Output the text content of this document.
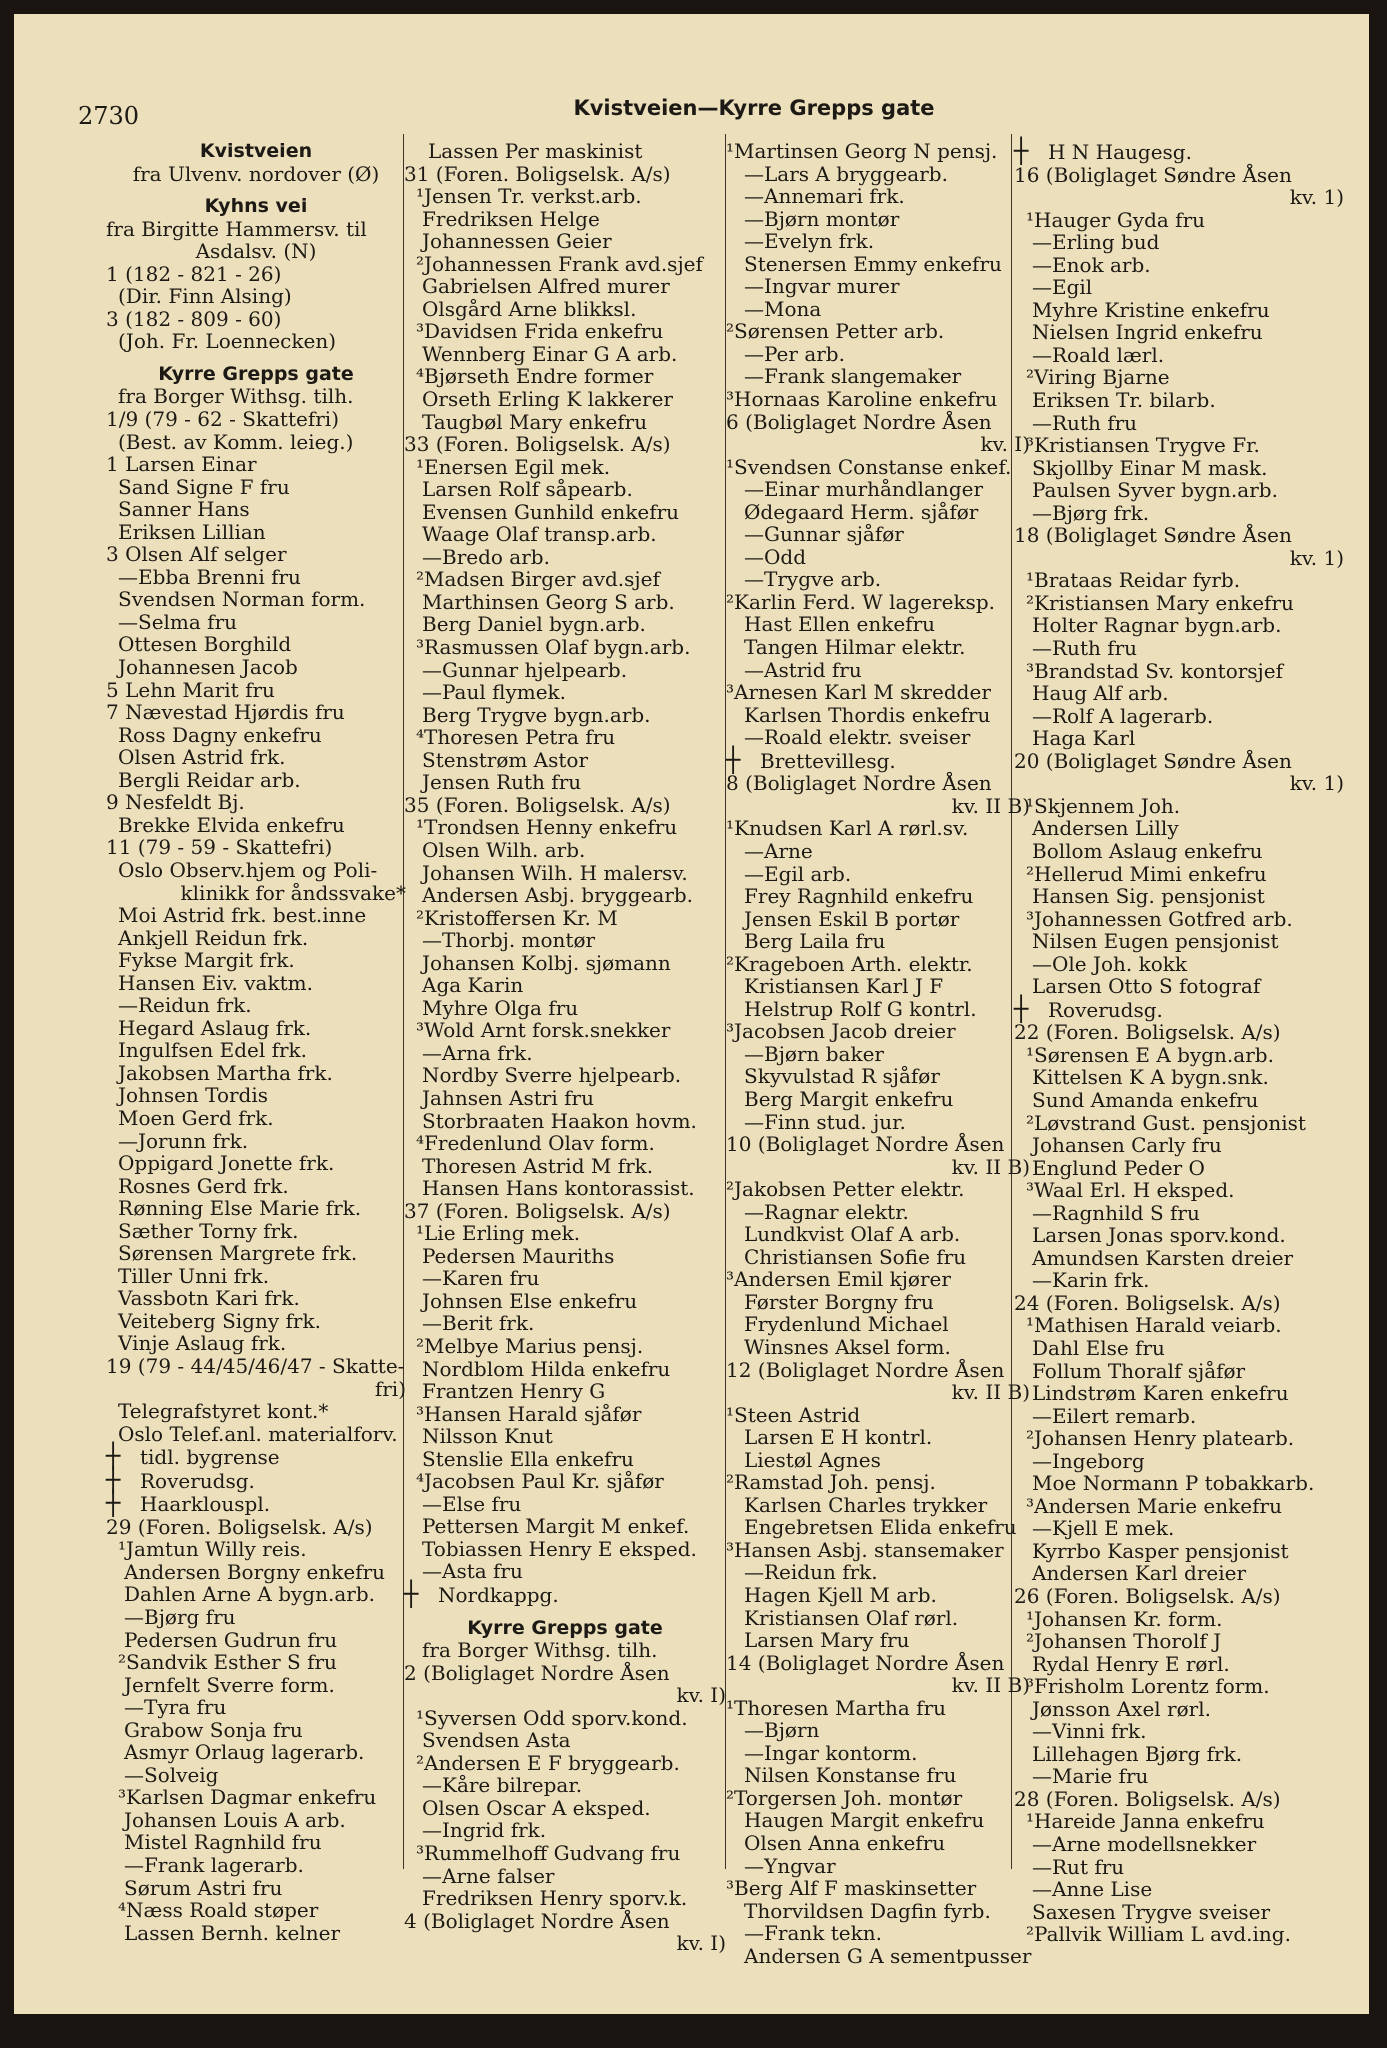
2730	Kvistveien—Kyrre Grepps gate
Kvistveien
fra Ulvenv. nordover (Ø)
Kyhns vei
fra Birgitte Hammersv. til
Asdalsv. (N)
1 (182 - 821 - 26)
(Dir. Finn Alsing)
3 (182 - 809 - 60)
(Joh. Fr. Loennecken)
Kyrre Grepps gate
fra Borger Withsg. tilh.
1/9 (79 - 62 - Skattefri)
(Best. av Komm. leieg.)
1 Larsen Einar
Sand Signe F fru
Sanner Hans
Eriksen Lillian
3 Olsen Alf selger
—Ebba Brenni fru
Svendsen Norman form.
—Selma fru
Ottesen Borghild
Johannesen Jacob
5 Lehn Marit fru
7 Nævestad Hjørdis fru
Ross Dagny enkefru
Olsen Astrid frk.
Bergli Reidar arb.
9 Nesfeldt Bj.
Brekke Elvida enkefru
11 (79 - 59 - Skattefri)
Oslo Observ.hjem og Poli-
klinikk for åndssvake*
Moi Astrid frk. best.inne
Ankjell Reidun frk.
Fykse Margit frk.
Hansen Eiv. vaktm.
—Reidun frk.
Hegard Aslaug frk.
Ingulfsen Edel frk.
Jakobsen Martha frk.
Johnsen Tordis
Moen Gerd frk.
—Jorunn frk.
Oppigard Jonette frk.
Rosnes Gerd frk.
Rønning Else Marie frk.
Sæther Torny frk.
Sørensen Margrete frk.
Tiller Unni frk.
Vassbotn Kari frk.
Veiteberg Signy frk.
Vinje Aslaug frk.
19 (79 - 44/45/46/47 - Skatte-
fri)
Telegrafstyret kont.*
Oslo Telef.anl. materialforv.
┼ tidl. bygrense
┼ Roverudsg.
┼ Haarklouspl.
29 (Foren. Boligselsk. A/s)
¹Jamtun Willy reis.
Andersen Borgny enkefru
Dahlen Arne A bygn.arb.
—Bjørg fru
Pedersen Gudrun fru
²Sandvik Esther S fru
Jernfelt Sverre form.
—Tyra fru
Grabow Sonja fru
Asmyr Orlaug lagerarb.
—Solveig
³Karlsen Dagmar enkefru
Johansen Louis A arb.
Mistel Ragnhild fru
—Frank lagerarb.
Sørum Astri fru
⁴Næss Roald støper
Lassen Bernh. kelner
Lassen Per maskinist
31 (Foren. Boligselsk. A/s)
¹Jensen Tr. verkst.arb.
Fredriksen Helge
Johannessen Geier
²Johannessen Frank avd.sjef
Gabrielsen Alfred murer
Olsgård Arne blikksl.
³Davidsen Frida enkefru
Wennberg Einar G A arb.
⁴Bjørseth Endre former
Orseth Erling K lakkerer
Taugbøl Mary enkefru
33 (Foren. Boligselsk. A/s)
¹Enersen Egil mek.
Larsen Rolf såpearb.
Evensen Gunhild enkefru
Waage Olaf transp.arb.
—Bredo arb.
²Madsen Birger avd.sjef
Marthinsen Georg S arb.
Berg Daniel bygn.arb.
³Rasmussen Olaf bygn.arb.
—Gunnar hjelpearb.
—Paul flymek.
Berg Trygve bygn.arb.
⁴Thoresen Petra fru
Stenstrøm Astor
Jensen Ruth fru
35 (Foren. Boligselsk. A/s)
¹Trondsen Henny enkefru
Olsen Wilh. arb.
Johansen Wilh. H malersv.
Andersen Asbj. bryggearb.
²Kristoffersen Kr. M
—Thorbj. montør
Johansen Kolbj. sjømann
Aga Karin
Myhre Olga fru
³Wold Arnt forsk.snekker
—Arna frk.
Nordby Sverre hjelpearb.
Jahnsen Astri fru
Storbraaten Haakon hovm.
⁴Fredenlund Olav form.
Thoresen Astrid M frk.
Hansen Hans kontorassist.
37 (Foren. Boligselsk. A/s)
¹Lie Erling mek.
Pedersen Mauriths
—Karen fru
Johnsen Else enkefru
—Berit frk.
²Melbye Marius pensj.
Nordblom Hilda enkefru
Frantzen Henry G
³Hansen Harald sjåfør
Nilsson Knut
Stenslie Ella enkefru
⁴Jacobsen Paul Kr. sjåfør
—Else fru
Pettersen Margit M enkef.
Tobiassen Henry E eksped.
—Asta fru
┼ Nordkappg.
Kyrre Grepps gate
fra Borger Withsg. tilh.
2 (Boliglaget Nordre Åsen
kv. I)
¹Syversen Odd sporv.kond.
Svendsen Asta
²Andersen E F bryggearb.
—Kåre bilrepar.
Olsen Oscar A eksped.
—Ingrid frk.
³Rummelhoff Gudvang fru
—Arne falser
Fredriksen Henry sporv.k.
4 (Boliglaget Nordre Åsen
kv. I)
¹Martinsen Georg N pensj.
—Lars A bryggearb.
—Annemari frk.
—Bjørn montør
—Evelyn frk.
Stenersen Emmy enkefru
—Ingvar murer
—Mona
²Sørensen Petter arb.
—Per arb.
—Frank slangemaker
³Hornaas Karoline enkefru
6 (Boliglaget Nordre Åsen
kv. I)
¹Svendsen Constanse enkef.
—Einar murhåndlanger
Ødegaard Herm. sjåfør
—Gunnar sjåfør
—Odd
—Trygve arb.
²Karlin Ferd. W lagereksp.
Hast Ellen enkefru
Tangen Hilmar elektr.
—Astrid fru
³Arnesen Karl M skredder
Karlsen Thordis enkefru
—Roald elektr. sveiser
┼ Brettevillesg.
8 (Boliglaget Nordre Åsen
kv. II B)
¹Knudsen Karl A rørl.sv.
—Arne
—Egil arb.
Frey Ragnhild enkefru
Jensen Eskil B portør
Berg Laila fru
²Krageboen Arth. elektr.
Kristiansen Karl J F
Helstrup Rolf G kontrl.
³Jacobsen Jacob dreier
—Bjørn baker
Skyvulstad R sjåfør
Berg Margit enkefru
—Finn stud. jur.
10 (Boliglaget Nordre Åsen
kv. II B)
²Jakobsen Petter elektr.
—Ragnar elektr.
Lundkvist Olaf A arb.
Christiansen Sofie fru
³Andersen Emil kjører
Førster Borgny fru
Frydenlund Michael
Winsnes Aksel form.
12 (Boliglaget Nordre Åsen
kv. II B)
¹Steen Astrid
Larsen E H kontrl.
Liestøl Agnes
²Ramstad Joh. pensj.
Karlsen Charles trykker
Engebretsen Elida enkefru
³Hansen Asbj. stansemaker
—Reidun frk.
Hagen Kjell M arb.
Kristiansen Olaf rørl.
Larsen Mary fru
14 (Boliglaget Nordre Åsen
kv. II B)
¹Thoresen Martha fru
—Bjørn
—Ingar kontorm.
Nilsen Konstanse fru
²Torgersen Joh. montør
Haugen Margit enkefru
Olsen Anna enkefru
—Yngvar
³Berg Alf F maskinsetter
Thorvildsen Dagfin fyrb.
—Frank tekn.
Andersen G A sementpusser
┼ H N Haugesg.
16 (Boliglaget Søndre Åsen
kv. 1)
¹Hauger Gyda fru
—Erling bud
—Enok arb.
—Egil
Myhre Kristine enkefru
Nielsen Ingrid enkefru
—Roald lærl.
²Viring Bjarne
Eriksen Tr. bilarb.
—Ruth fru
³Kristiansen Trygve Fr.
Skjollby Einar M mask.
Paulsen Syver bygn.arb.
—Bjørg frk.
18 (Boliglaget Søndre Åsen
kv. 1)
¹Brataas Reidar fyrb.
²Kristiansen Mary enkefru
Holter Ragnar bygn.arb.
—Ruth fru
³Brandstad Sv. kontorsjef
Haug Alf arb.
—Rolf A lagerarb.
Haga Karl
20 (Boliglaget Søndre Åsen
kv. 1)
¹Skjennem Joh.
Andersen Lilly
Bollom Aslaug enkefru
²Hellerud Mimi enkefru
Hansen Sig. pensjonist
³Johannessen Gotfred arb.
Nilsen Eugen pensjonist
—Ole Joh. kokk
Larsen Otto S fotograf
┼ Roverudsg.
22 (Foren. Boligselsk. A/s)
¹Sørensen E A bygn.arb.
Kittelsen K A bygn.snk.
Sund Amanda enkefru
²Løvstrand Gust. pensjonist
Johansen Carly fru
Englund Peder O
³Waal Erl. H eksped.
—Ragnhild S fru
Larsen Jonas sporv.kond.
Amundsen Karsten dreier
—Karin frk.
24 (Foren. Boligselsk. A/s)
¹Mathisen Harald veiarb.
Dahl Else fru
Follum Thoralf sjåfør
Lindstrøm Karen enkefru
—Eilert remarb.
²Johansen Henry platearb.
—Ingeborg
Moe Normann P tobakkarb.
³Andersen Marie enkefru
—Kjell E mek.
Kyrrbo Kasper pensjonist
Andersen Karl dreier
26 (Foren. Boligselsk. A/s)
¹Johansen Kr. form.
²Johansen Thorolf J
Rydal Henry E rørl.
³Frisholm Lorentz form.
Jønsson Axel rørl.
—Vinni frk.
Lillehagen Bjørg frk.
—Marie fru
28 (Foren. Boligselsk. A/s)
¹Hareide Janna enkefru
—Arne modellsnekker
—Rut fru
—Anne Lise
Saxesen Trygve sveiser
²Pallvik William L avd.ing.
